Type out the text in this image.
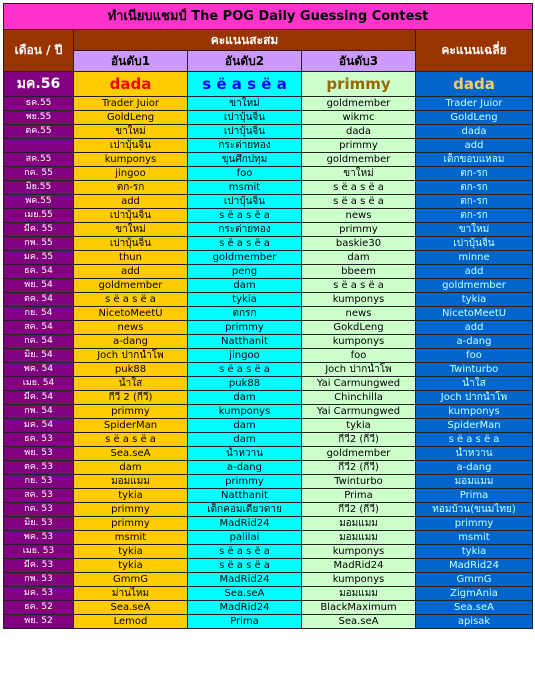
ทำเนียบแชมป์ The POG Daily Guessing Contest				
เดือน / ปี	คะแนนสะสม			คะแนนเฉลี่ย
	อันดับ1	อันดับ2	อันดับ3	
มค.56	dada	s ë a s ë a	primmy	dada
ธค.55	Trader Juior	ขาใหม่	goldmember	Trader Juior
พย.55	GoldLeng	เปาบุ้นจิ้น	wikmc	GoldLeng
ตค.55	ขาใหม่	เปาบุ้นจิ้น	dada	dada
	เปาบุ้นจิ้น	กระต่ายทอง	primmy	add
สค.55	kumponys	ขุนศึกปทุม	goldmember	เด็กขอบแหลม
กค. 55	jingoo	foo	ขาใหม่	ตก-รก
มิย.55	ตก-รก	msmit	s ë a s ë a	ตก-รก
พค.55	add	เปาบุ้นจิ้น	s ë a s ë a	ตก-รก
เมย.55	เปาบุ้นจิ้น	s ë a s ë a	news	ตก-รก
มีค. 55	ขาใหม่	กระต่ายทอง	primmy	ขาใหม่
กพ. 55	เปาบุ้นจิ้น	s ë a s ë a	baskie30	เปาบุ้นจิ้น
มค. 55	thun	goldmember	dam	minne
ธค. 54	add	peng	bbeem	add
พย. 54	goldmember	dam	s ë a s ë a	goldmember
ตค. 54	s ë a s ë a	tykia	kumponys	tykia
กย. 54	NicetoMeetU	ตกรก	news	NicetoMeetU
สค. 54	news	primmy	GokdLeng	add
กค. 54	a-dang	Natthanit	kumponys	a-dang
มิย. 54	Joch ปากน้ำโพ	jingoo	foo	foo
พค. 54	puk88	s ë a s ë a	Joch ปากน้ำโพ	Twinturbo
เมย. 54	น้ำใส	puk88	Yai Carmungwed	น้ำใส
มีค. 54	กีวี 2 (กีวี)	dam	Chinchilla	Joch ปากน้ำโพ
กพ. 54	primmy	kumponys	Yai Carmungwed	kumponys
มค. 54	SpiderMan	dam	tykia	SpiderMan
ธค. 53	s ë a s ë a	dam	กีวี2 (กีวี)	s ë a s ë a
พย. 53	Sea.seA	น้ำหวาน	goldmember	น้ำหวาน
ตค. 53	dam	a-dang	กีวี2 (กีวี)	a-dang
กย. 53	มอมแมม	primmy	Twinturbo	มอมแมม
สค. 53	tykia	Natthanit	Prima	Prima
กค. 53	primmy	เด็กคอมเดียวดาย	กีวี2 (กีวี)	ทอมบ้วน(ขนมไทย)
มิย. 53	primmy	MadRid24	มอมแมม	primmy
พค. 53	msmit	palilai	มอมแมม	msmit
เมย. 53	tykia	s ë a s ë a	kumponys	tykia
มีค. 53	tykia	s ë a s ë a	MadRid24	MadRid24
กพ. 53	GmmG	MadRid24	kumponys	GmmG
มค. 53	ม่านไหม	Sea.seA	มอมแมม	ZigmAnia
ธค. 52	Sea.seA	MadRid24	BlackMaximum	Sea.seA
พย. 52	Lemod	Prima	Sea.seA	apisak
